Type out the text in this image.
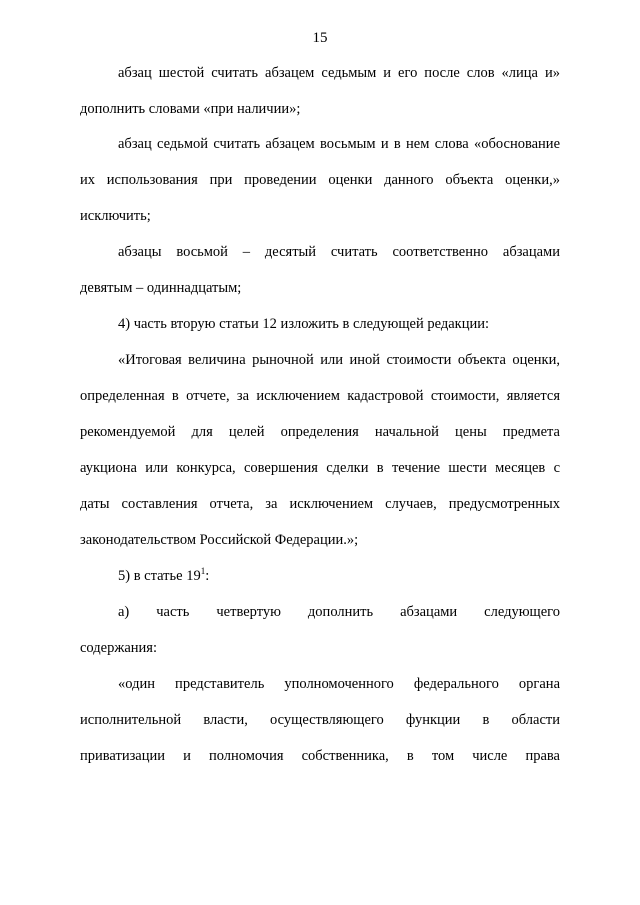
15
абзац шестой считать абзацем седьмым и его после слов «лица и»
дополнить словами «при наличии»;
абзац седьмой считать абзацем восьмым и в нем слова «обоснование
их использования при проведении оценки данного объекта оценки,»
исключить;
абзацы восьмой – десятый считать соответственно абзацами
девятым – одиннадцатым;
4) часть вторую статьи 12 изложить в следующей редакции:
«Итоговая величина рыночной или иной стоимости объекта оценки,
определенная в отчете, за исключением кадастровой стоимости, является
рекомендуемой для целей определения начальной цены предмета
аукциона или конкурса, совершения сделки в течение шести месяцев с
даты составления отчета, за исключением случаев, предусмотренных
законодательством Российской Федерации.»;
5) в статье $19^1$:
а) часть четвертую дополнить абзацами следующего
содержания:
«один представитель уполномоченного федерального органа
исполнительной власти, осуществляющего функции в области
приватизации и полномочия собственника, в том числе права
